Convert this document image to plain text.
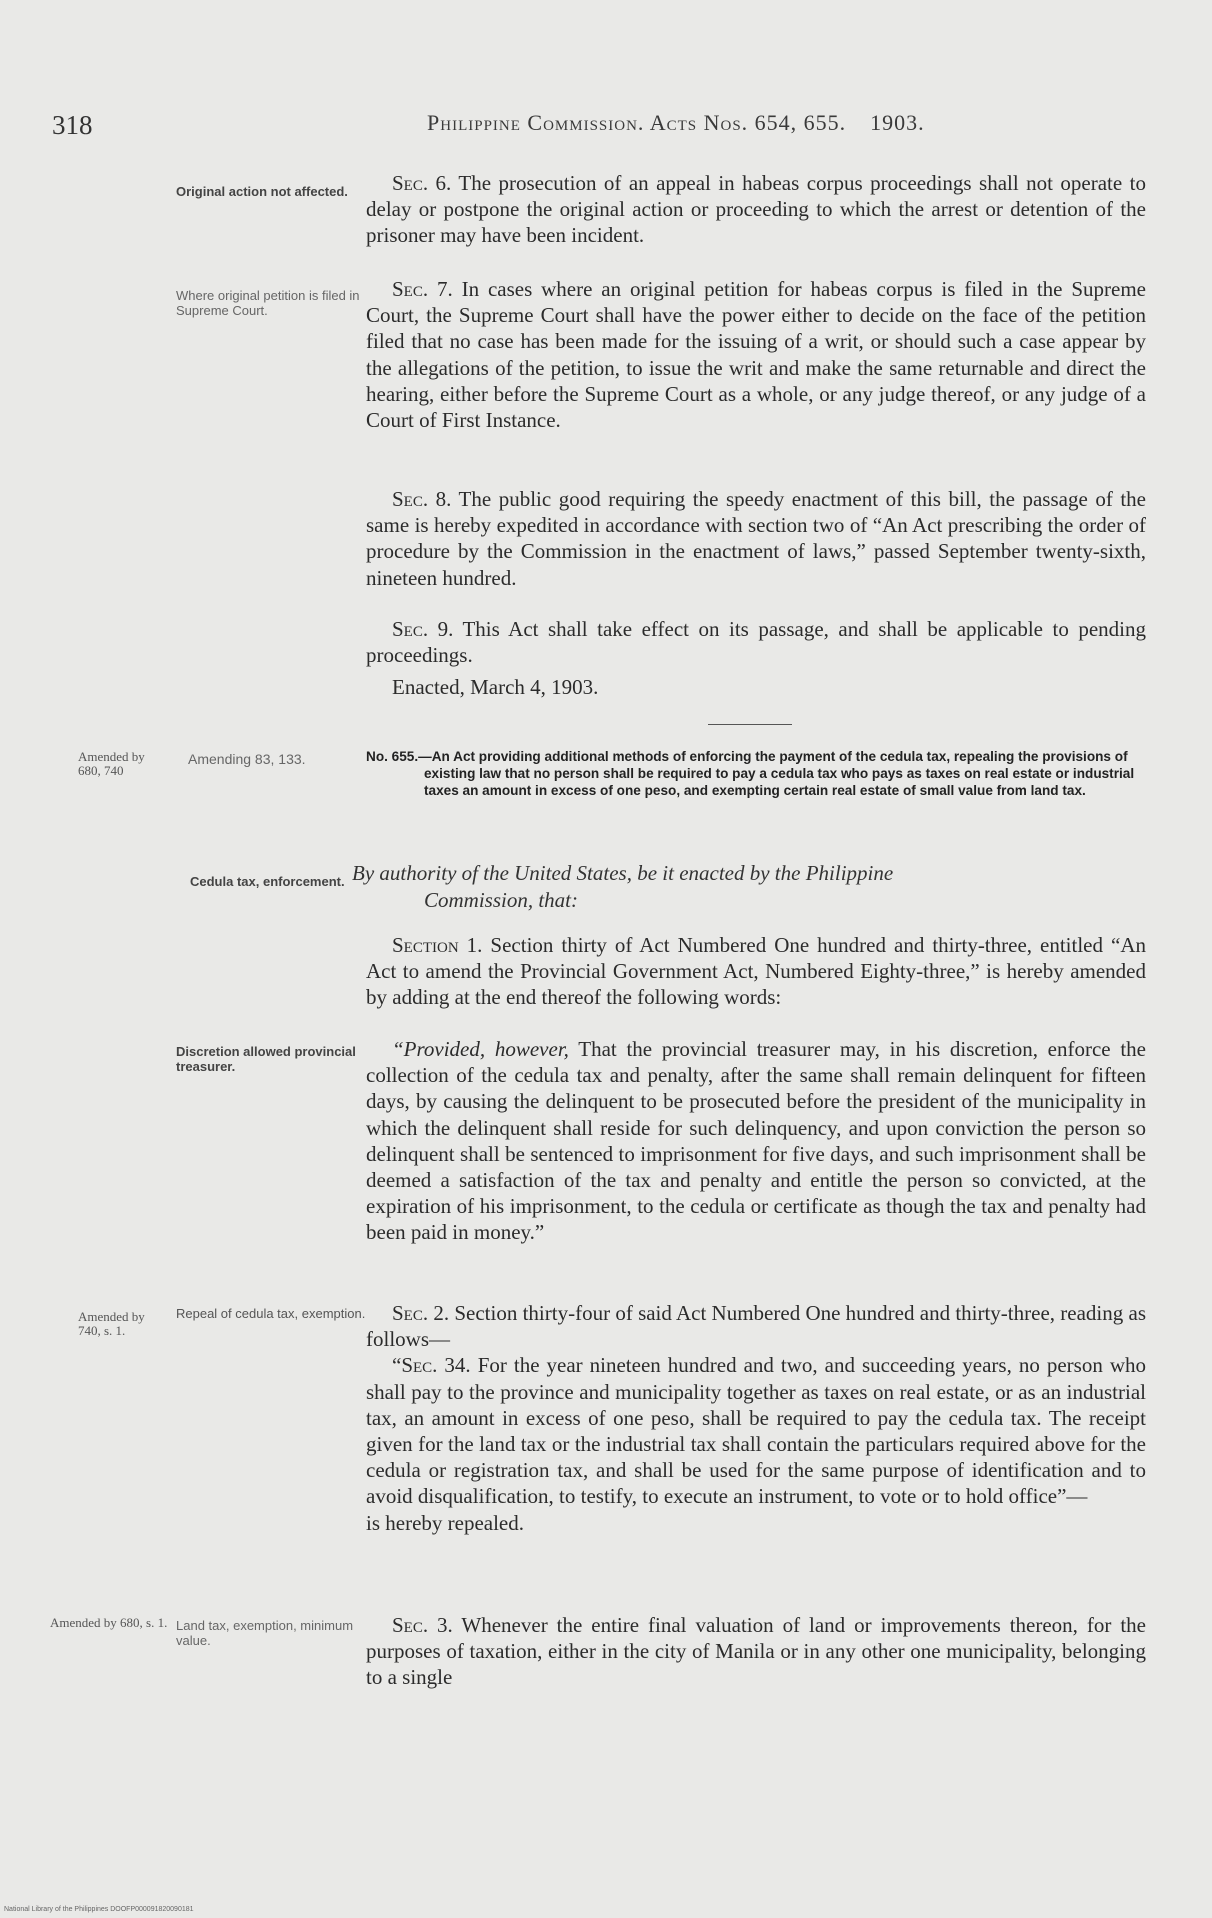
318	Philippine Commission. Acts Nos. 654, 655. 1903.
Original action not affected.	Sec. 6. The prosecution of an appeal in habeas corpus proceedings shall not operate to delay or postpone the original action or proceeding to which the arrest or detention of the prisoner may have been incident.

Where original petition is filed in Supreme Court.

Sec. 7. In cases where an original petition for habeas corpus is filed in the Supreme Court, the Supreme Court shall have the power either to decide on the face of the petition filed that no case has been made for the issuing of a writ, or should such a case appear by the allegations of the petition, to issue the writ and make the same returnable and direct the hearing, either before the Supreme Court as a whole, or any judge thereof, or any judge of a Court of First Instance.

Sec. 8. The public good requiring the speedy enactment of this bill, the passage of the same is hereby expedited in accordance with section two of “An Act prescribing the order of procedure by the Commission in the enactment of laws,” passed September twenty-sixth, nineteen hundred.

Sec. 9. This Act shall take effect on its passage, and shall be applicable to pending proceedings.

Enacted, March 4, 1903.

Amended by 680, 740
Amending 83, 133.	No. 655.—An Act providing additional methods of enforcing the payment of the cedula tax, repealing the provisions of existing law that no person shall be required to pay a cedula tax who pays as taxes on real estate or industrial taxes an amount in excess of one peso, and exempting certain real estate of small value from land tax.
Cedula tax, enforcement. By authority of the United States, be it enacted by the Philippine
Commission, that:

Section 1. Section thirty of Act Numbered One hundred and thirty-three, entitled “An Act to amend the Provincial Government Act, Numbered Eighty-three,” is hereby amended by adding at the end thereof the following words:

Discretion allowed provincial treasurer.

“Provided, however, That the provincial treasurer may, in his discretion, enforce the collection of the cedula tax and penalty, after the same shall remain delinquent for fifteen days, by causing the delinquent to be prosecuted before the president of the municipality in which the delinquent shall reside for such delinquency, and upon conviction the person so delinquent shall be sentenced to imprisonment for five days, and such imprisonment shall be deemed a satisfaction of the tax and penalty and entitle the person so convicted, at the expiration of his imprisonment, to the cedula or certificate as though the tax and penalty had been paid in money.”

Amended by 740, s. 1.
Repeal of cedula tax, exemption.	Sec. 2. Section thirty-four of said Act Numbered One hundred and thirty-three, reading as follows—

“Sec. 34. For the year nineteen hundred and two, and succeeding years, no person who shall pay to the province and municipality together as taxes on real estate, or as an industrial tax, an amount in excess of one peso, shall be required to pay the cedula tax. The receipt given for the land tax or the industrial tax shall contain the particulars required above for the cedula or registration tax, and shall be used for the same purpose of identification and to avoid disqualification, to testify, to execute an instrument, to vote or to hold office”—

is hereby repealed.

Amended by 680, s. 1. Land tax, exemption, minimum value.

Sec. 3. Whenever the entire final valuation of land or improvements thereon, for the purposes of taxation, either in the city of Manila or in any other one municipality, belonging to a single

National Library of the Philippines DOOFP000091820090181
